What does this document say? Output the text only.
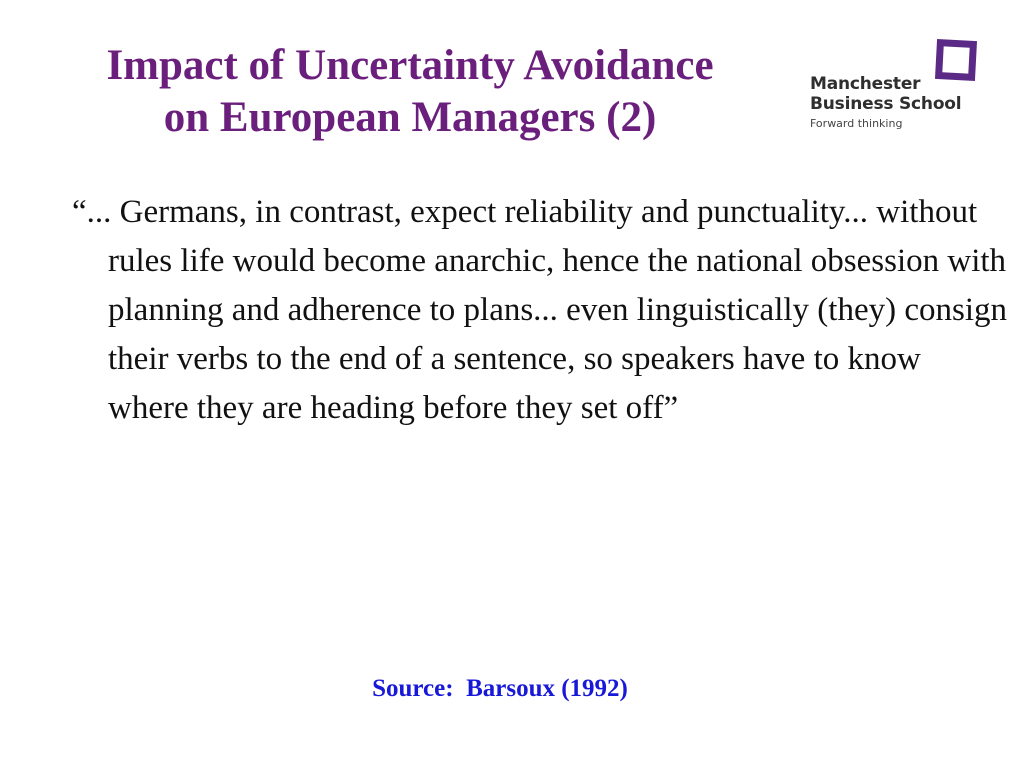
Impact of Uncertainty Avoidance
on European Managers (2)
Manchester
Business School
Forward thinking
“... Germans, in contrast, expect reliability and punctuality... without rules life would become anarchic, hence the national obsession with planning and adherence to plans... even linguistically (they) consign their verbs to the end of a sentence, so speakers have to know where they are heading before they set off”
Source:  Barsoux (1992)
